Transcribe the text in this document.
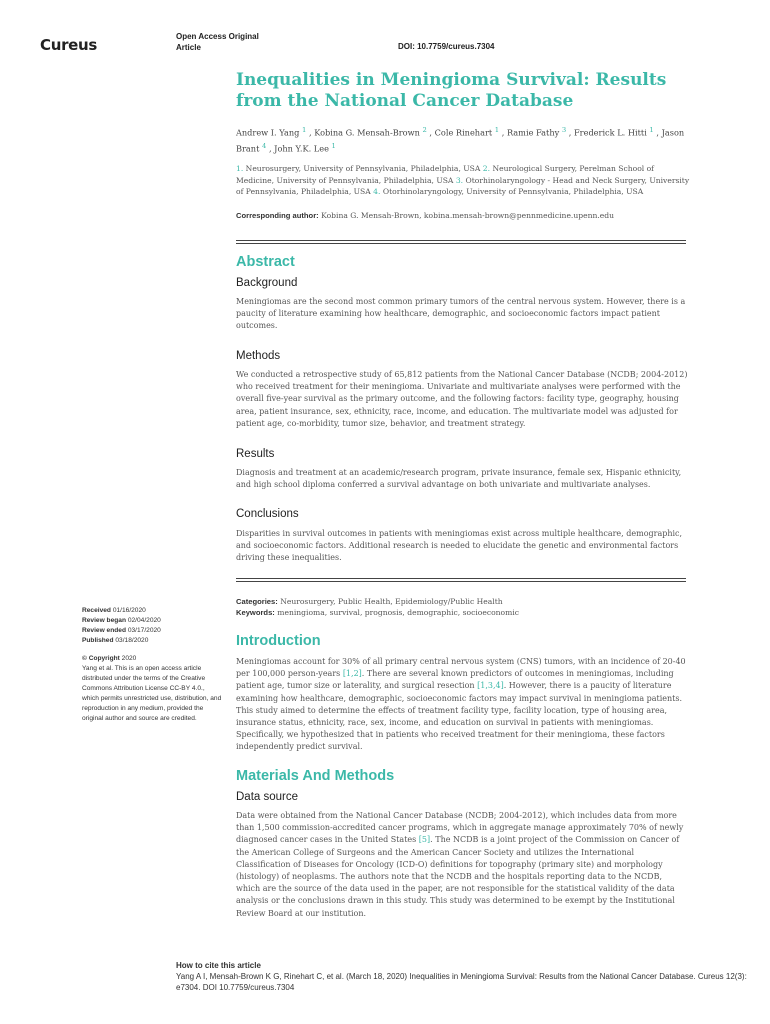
Cureus	Open Access Original
Article	DOI: 10.7759/cureus.7304
Inequalities in Meningioma Survival: Results from the National Cancer Database
Andrew I. Yang $^1$ , Kobina G. Mensah-Brown $^2$ , Cole Rinehart $^1$ , Ramie Fathy $^3$ , Frederick L. Hitti $^1$ , Jason Brant $^4$ , John Y.K. Lee $^1$
1. Neurosurgery, University of Pennsylvania, Philadelphia, USA 2. Neurological Surgery, Perelman School of Medicine, University of Pennsylvania, Philadelphia, USA 3. Otorhinolaryngology - Head and Neck Surgery, University of Pennsylvania, Philadelphia, USA 4. Otorhinolaryngology, University of Pennsylvania, Philadelphia, USA
Corresponding author: Kobina G. Mensah-Brown, kobina.mensah-brown@pennmedicine.upenn.edu
Abstract
Background
Meningiomas are the second most common primary tumors of the central nervous system. However, there is a paucity of literature examining how healthcare, demographic, and socioeconomic factors impact patient outcomes.
Methods
We conducted a retrospective study of 65,812 patients from the National Cancer Database (NCDB; 2004-2012) who received treatment for their meningioma. Univariate and multivariate analyses were performed with the overall five-year survival as the primary outcome, and the following factors: facility type, geography, housing area, patient insurance, sex, ethnicity, race, income, and education. The multivariate model was adjusted for patient age, co-morbidity, tumor size, behavior, and treatment strategy.
Results
Diagnosis and treatment at an academic/research program, private insurance, female sex, Hispanic ethnicity, and high school diploma conferred a survival advantage on both univariate and multivariate analyses.
Conclusions
Disparities in survival outcomes in patients with meningiomas exist across multiple healthcare, demographic, and socioeconomic factors. Additional research is needed to elucidate the genetic and environmental factors driving these inequalities.
Categories: Neurosurgery, Public Health, Epidemiology/Public Health
Keywords: meningioma, survival, prognosis, demographic, socioeconomic
Received 01/16/2020
Review began 02/04/2020
Review ended 03/17/2020
Published 03/18/2020
© Copyright 2020
Yang et al. This is an open access article distributed under the terms of the Creative Commons Attribution License CC-BY 4.0., which permits unrestricted use, distribution, and reproduction in any medium, provided the original author and source are credited.
Introduction
Meningiomas account for 30% of all primary central nervous system (CNS) tumors, with an incidence of 20-40 per 100,000 person-years [1,2]. There are several known predictors of outcomes in meningiomas, including patient age, tumor size or laterality, and surgical resection [1,3,4]. However, there is a paucity of literature examining how healthcare, demographic, socioeconomic factors may impact survival in meningioma patients. This study aimed to determine the effects of treatment facility type, facility location, type of housing area, insurance status, ethnicity, race, sex, income, and education on survival in patients with meningiomas. Specifically, we hypothesized that in patients who received treatment for their meningioma, these factors independently predict survival.
Materials And Methods
Data source
Data were obtained from the National Cancer Database (NCDB; 2004-2012), which includes data from more than 1,500 commission-accredited cancer programs, which in aggregate manage approximately 70% of newly diagnosed cancer cases in the United States [5]. The NCDB is a joint project of the Commission on Cancer of the American College of Surgeons and the American Cancer Society and utilizes the International Classification of Diseases for Oncology (ICD-O) definitions for topography (primary site) and morphology (histology) of neoplasms. The authors note that the NCDB and the hospitals reporting data to the NCDB, which are the source of the data used in the paper, are not responsible for the statistical validity of the data analysis or the conclusions drawn in this study. This study was determined to be exempt by the Institutional Review Board at our institution.
How to cite this article
Yang A I, Mensah-Brown K G, Rinehart C, et al. (March 18, 2020) Inequalities in Meningioma Survival: Results from the National Cancer Database. Cureus 12(3): e7304. DOI 10.7759/cureus.7304
